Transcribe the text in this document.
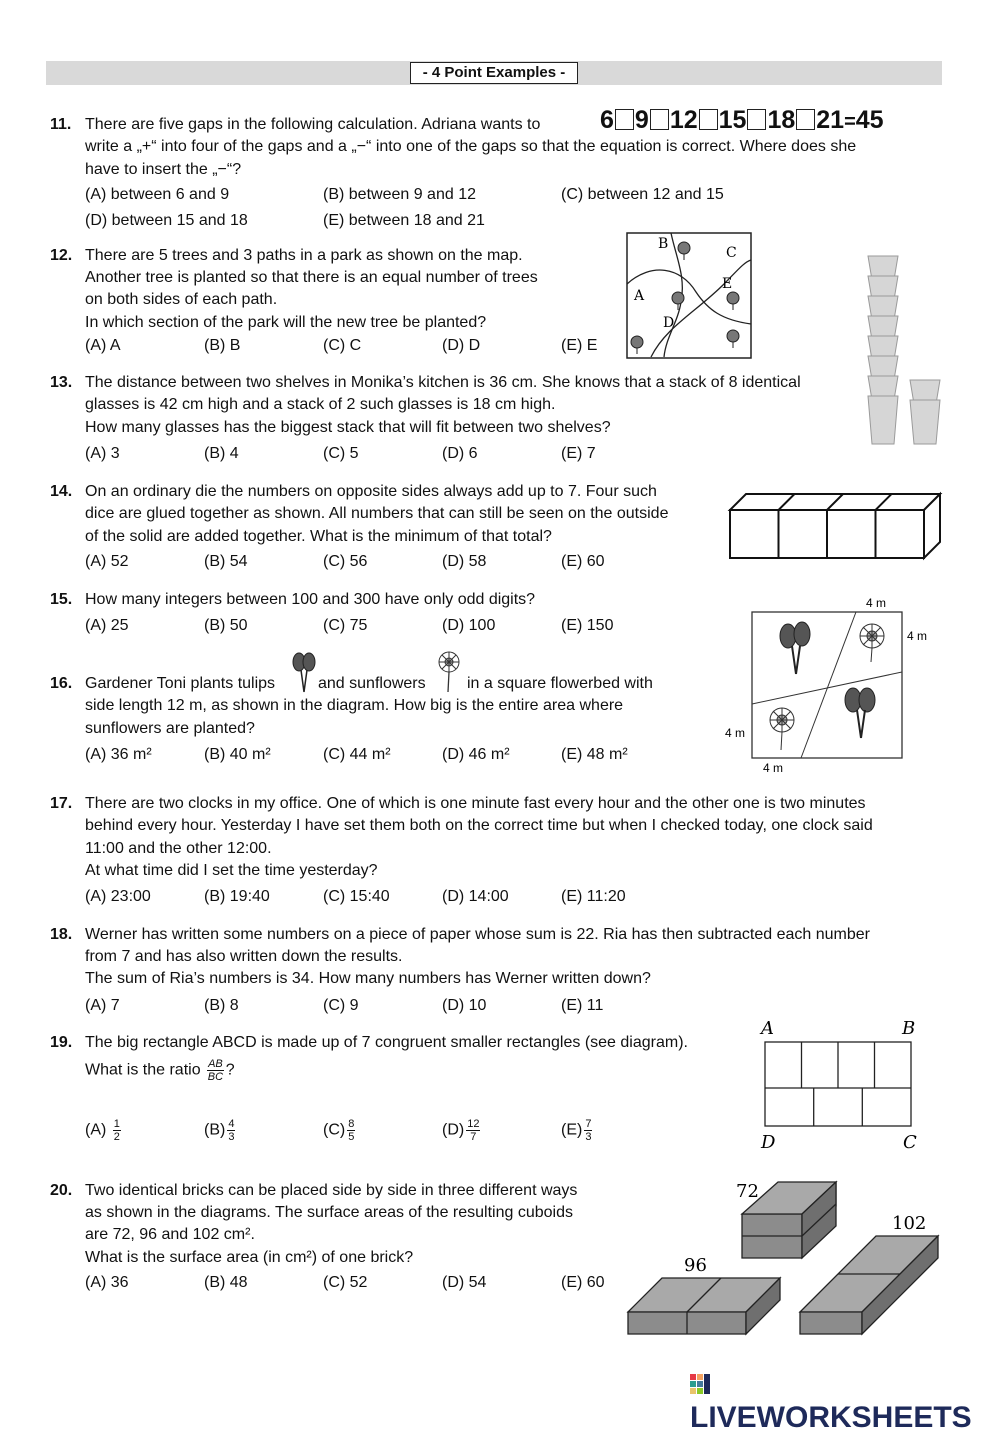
- 4 Point Examples -
11. There are five gaps in the following calculation. Adriana wants to
write a „+“ into four of the gaps and a „−“ into one of the gaps so that the equation is correct. Where does she
have to insert the „−“?
6 9 12 15 18 21=45
(A) between 6 and 9	(B) between 9 and 12	(C) between 12 and 15
(D) between 15 and 18	(E) between 18 and 21
12. There are 5 trees and 3 paths in a park as shown on the map.
Another tree is planted so that there is an equal number of trees
on both sides of each path.
In which section of the park will the new tree be planted?
(A) A	(B) B	(C) C	(D) D	(E) E
B
C
A
E
D
13. The distance between two shelves in Monika’s kitchen is 36 cm. She knows that a stack of 8 identical
glasses is 42 cm high and a stack of 2 such glasses is 18 cm high.
How many glasses has the biggest stack that will fit between two shelves?
(A) 3	(B) 4	(C) 5	(D) 6	(E) 7
14. On an ordinary die the numbers on opposite sides always add up to 7. Four such
dice are glued together as shown. All numbers that can still be seen on the outside
of the solid are added together. What is the minimum of that total?
(A) 52	(B) 54	(C) 56	(D) 58	(E) 60
15. How many integers between 100 and 300 have only odd digits?
(A) 25	(B) 50	(C) 75	(D) 100	(E) 150
16. Gardener Toni plants tulips	and sunflowers	in a square flowerbed with
side length 12 m, as shown in the diagram. How big is the entire area where
sunflowers are planted?
(A) 36 m²	(B) 40 m²	(C) 44 m²	(D) 46 m²	(E) 48 m²
4 m
4 m
4 m
4 m
17. There are two clocks in my office. One of which is one minute fast every hour and the other one is two minutes
behind every hour. Yesterday I have set them both on the correct time but when I checked today, one clock said
11:00 and the other 12:00.
At what time did I set the time yesterday?
(A) 23:00	(B) 19:40	(C) 15:40	(D) 14:00	(E) 11:20
18. Werner has written some numbers on a piece of paper whose sum is 22. Ria has then subtracted each number
from 7 and has also written down the results.
The sum of Ria’s numbers is 34. How many numbers has Werner written down?
(A) 7	(B) 8	(C) 9	(D) 10	(E) 11
19. The big rectangle ABCD is made up of 7 congruent smaller rectangles (see diagram).
What is the ratio $\frac{AB}{BC}$ ?
$(A) \frac{1}{2}$	$(B) \frac{4}{3}$	$(C) \frac{8}{5}$	$(D) \frac{12}{7}$	$(E) \frac{7}{3}$
A	B
D	C
20. Two identical bricks can be placed side by side in three different ways
as shown in the diagrams. The surface areas of the resulting cuboids
are 72, 96 and 102 cm².
What is the surface area (in cm²) of one brick?
(A) 36	(B) 48	(C) 52	(D) 54	(E) 60
72
96
102
LIVEWORKSHEETS
